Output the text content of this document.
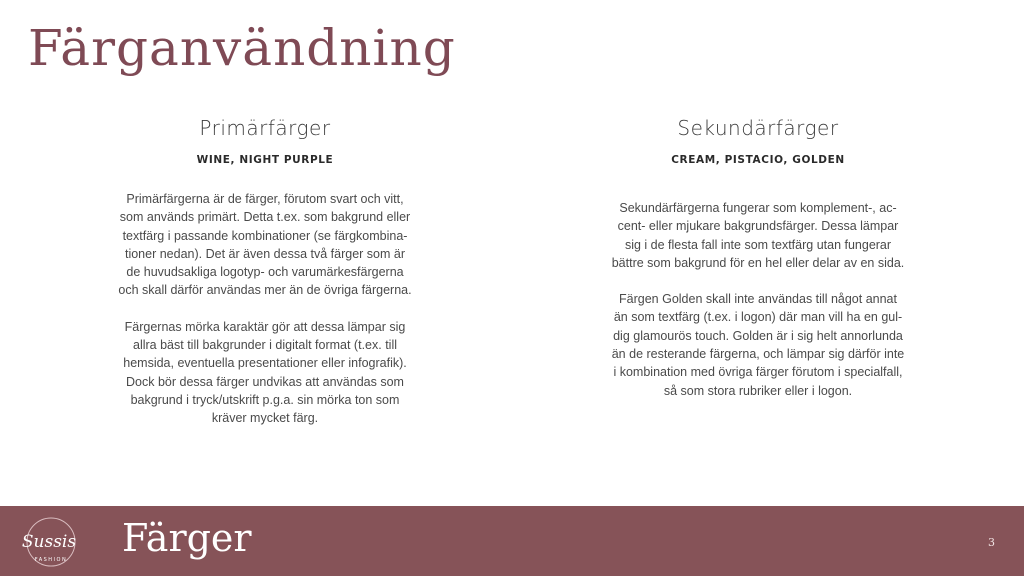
Färganvändning
Primärfärger
WINE, NIGHT PURPLE

Primärfärgerna är de färger, förutom svart och vitt,
som används primärt. Detta t.ex. som bakgrund eller
textfärg i passande kombinationer (se färgkombina-
tioner nedan). Det är även dessa två färger som är
de huvudsakliga logotyp- och varumärkesfärgerna
och skall därför användas mer än de övriga färgerna.

Färgernas mörka karaktär gör att dessa lämpar sig
allra bäst till bakgrunder i digitalt format (t.ex. till
hemsida, eventuella presentationer eller infografik).
Dock bör dessa färger undvikas att användas som
bakgrund i tryck/utskrift p.g.a. sin mörka ton som
kräver mycket färg.

Sekundärfärger
CREAM, PISTACIO, GOLDEN

Sekundärfärgerna fungerar som komplement-, ac-
cent- eller mjukare bakgrundsfärger. Dessa lämpar
sig i de flesta fall inte som textfärg utan fungerar
bättre som bakgrund för en hel eller delar av en sida.

Färgen Golden skall inte användas till något annat
än som textfärg (t.ex. i logon) där man vill ha en gul-
dig glamourös touch. Golden är i sig helt annorlunda
än de resterande färgerna, och lämpar sig därför inte
i kombination med övriga färger förutom i specialfall,
så som stora rubriker eller i logon.

Sussis
FASHION Färger	3
